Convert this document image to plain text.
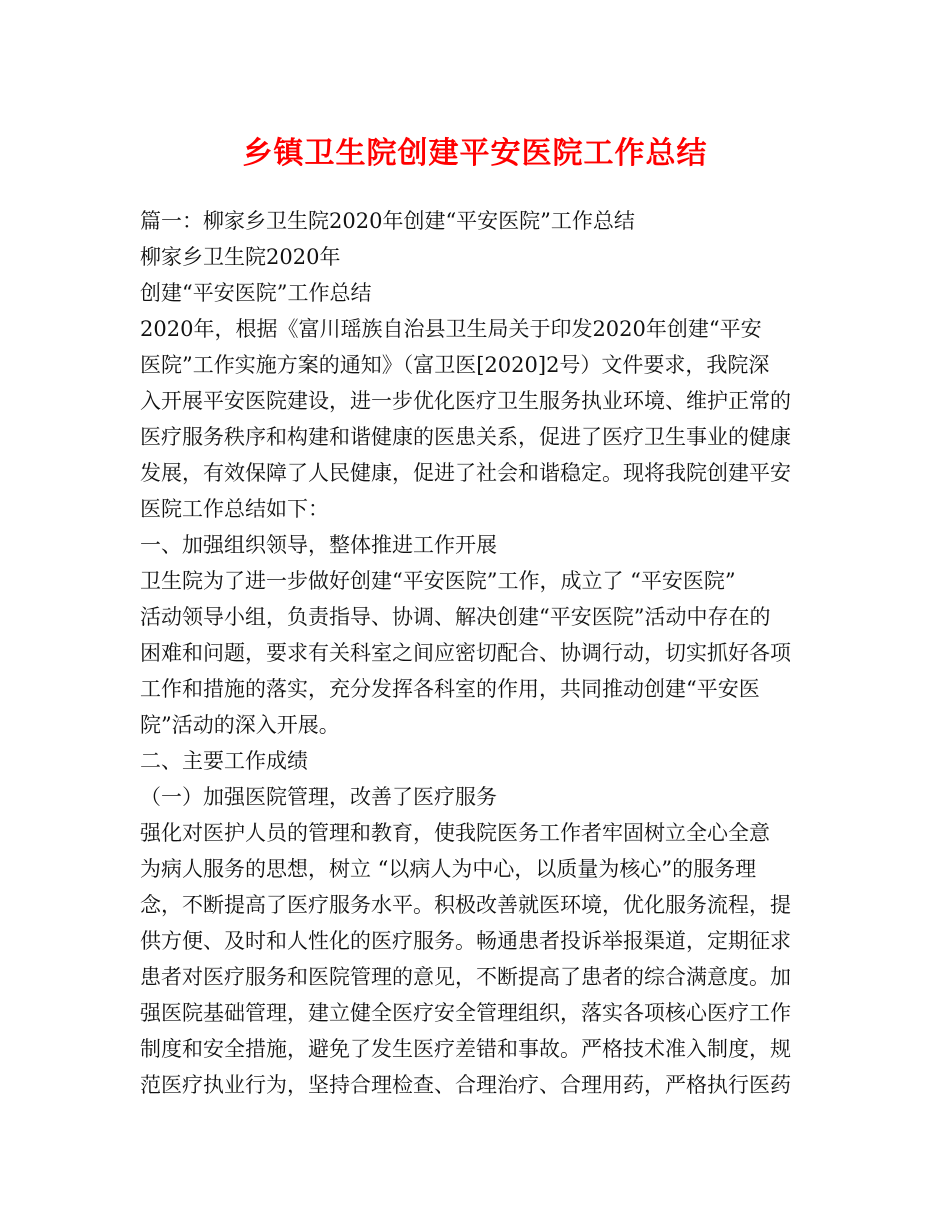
乡镇卫生院创建平安医院工作总结
篇一：柳家乡卫生院2020年创建“平安医院”工作总结
柳家乡卫生院2020年
创建“平安医院”工作总结
2020年，根据《富川瑶族自治县卫生局关于印发2020年创建“平安
医院”工作实施方案的通知》（富卫医[2020]2号）文件要求，我院深
入开展平安医院建设，进一步优化医疗卫生服务执业环境、维护正常的
医疗服务秩序和构建和谐健康的医患关系，促进了医疗卫生事业的健康
发展，有效保障了人民健康，促进了社会和谐稳定。现将我院创建平安
医院工作总结如下：
一、加强组织领导，整体推进工作开展
卫生院为了进一步做好创建“平安医院”工作，成立了 “平安医院”
活动领导小组，负责指导、协调、解决创建“平安医院”活动中存在的
困难和问题，要求有关科室之间应密切配合、协调行动，切实抓好各项
工作和措施的落实，充分发挥各科室的作用，共同推动创建“平安医
院”活动的深入开展。
二、主要工作成绩
（一）加强医院管理，改善了医疗服务
强化对医护人员的管理和教育，使我院医务工作者牢固树立全心全意
为病人服务的思想，树立 “以病人为中心，以质量为核心”的服务理
念，不断提高了医疗服务水平。积极改善就医环境，优化服务流程，提
供方便、及时和人性化的医疗服务。畅通患者投诉举报渠道，定期征求
患者对医疗服务和医院管理的意见，不断提高了患者的综合满意度。加
强医院基础管理，建立健全医疗安全管理组织，落实各项核心医疗工作
制度和安全措施，避免了发生医疗差错和事故。严格技术准入制度，规
范医疗执业行为，坚持合理检查、合理治疗、合理用药，严格执行医药
